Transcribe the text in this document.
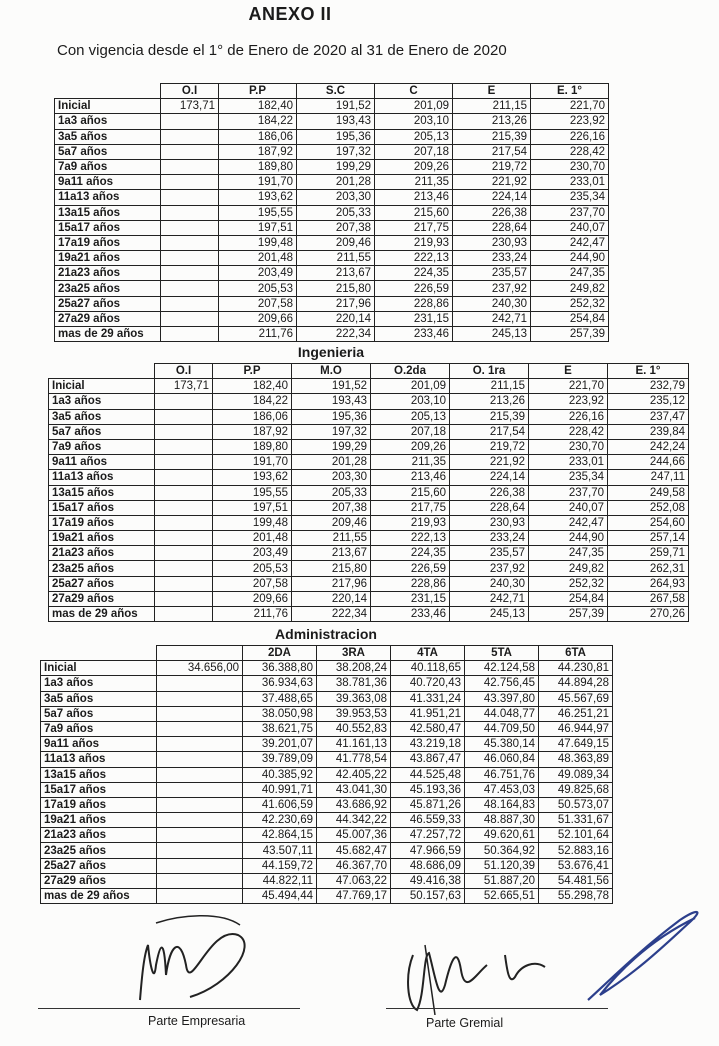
ANEXO II
Con vigencia desde el 1° de Enero de 2020 al 31 de Enero de 2020
	O.I	P.P	S.C	C	E	E. 1°
Inicial	173,71	182,40	191,52	201,09	211,15	221,70
1a3 años		184,22	193,43	203,10	213,26	223,92
3a5 años		186,06	195,36	205,13	215,39	226,16
5a7 años		187,92	197,32	207,18	217,54	228,42
7a9 años		189,80	199,29	209,26	219,72	230,70
9a11 años		191,70	201,28	211,35	221,92	233,01
11a13 años		193,62	203,30	213,46	224,14	235,34
13a15 años		195,55	205,33	215,60	226,38	237,70
15a17 años		197,51	207,38	217,75	228,64	240,07
17a19 años		199,48	209,46	219,93	230,93	242,47
19a21 años		201,48	211,55	222,13	233,24	244,90
21a23 años		203,49	213,67	224,35	235,57	247,35
23a25 años		205,53	215,80	226,59	237,92	249,82
25a27 años		207,58	217,96	228,86	240,30	252,32
27a29 años		209,66	220,14	231,15	242,71	254,84
mas de 29 años		211,76	222,34	233,46	245,13	257,39
Ingenieria
	O.I	P.P	M.O	O.2da	O. 1ra	E	E. 1°
Inicial	173,71	182,40	191,52	201,09	211,15	221,70	232,79
1a3 años		184,22	193,43	203,10	213,26	223,92	235,12
3a5 años		186,06	195,36	205,13	215,39	226,16	237,47
5a7 años		187,92	197,32	207,18	217,54	228,42	239,84
7a9 años		189,80	199,29	209,26	219,72	230,70	242,24
9a11 años		191,70	201,28	211,35	221,92	233,01	244,66
11a13 años		193,62	203,30	213,46	224,14	235,34	247,11
13a15 años		195,55	205,33	215,60	226,38	237,70	249,58
15a17 años		197,51	207,38	217,75	228,64	240,07	252,08
17a19 años		199,48	209,46	219,93	230,93	242,47	254,60
19a21 años		201,48	211,55	222,13	233,24	244,90	257,14
21a23 años		203,49	213,67	224,35	235,57	247,35	259,71
23a25 años		205,53	215,80	226,59	237,92	249,82	262,31
25a27 años		207,58	217,96	228,86	240,30	252,32	264,93
27a29 años		209,66	220,14	231,15	242,71	254,84	267,58
mas de 29 años		211,76	222,34	233,46	245,13	257,39	270,26
Administracion
		2DA	3RA	4TA	5TA	6TA
Inicial	34.656,00	36.388,80	38.208,24	40.118,65	42.124,58	44.230,81
1a3 años		36.934,63	38.781,36	40.720,43	42.756,45	44.894,28
3a5 años		37.488,65	39.363,08	41.331,24	43.397,80	45.567,69
5a7 años		38.050,98	39.953,53	41.951,21	44.048,77	46.251,21
7a9 años		38.621,75	40.552,83	42.580,47	44.709,50	46.944,97
9a11 años		39.201,07	41.161,13	43.219,18	45.380,14	47.649,15
11a13 años		39.789,09	41.778,54	43.867,47	46.060,84	48.363,89
13a15 años		40.385,92	42.405,22	44.525,48	46.751,76	49.089,34
15a17 años		40.991,71	43.041,30	45.193,36	47.453,03	49.825,68
17a19 años		41.606,59	43.686,92	45.871,26	48.164,83	50.573,07
19a21 años		42.230,69	44.342,22	46.559,33	48.887,30	51.331,67
21a23 años		42.864,15	45.007,36	47.257,72	49.620,61	52.101,64
23a25 años		43.507,11	45.682,47	47.966,59	50.364,92	52.883,16
25a27 años		44.159,72	46.367,70	48.686,09	51.120,39	53.676,41
27a29 años		44.822,11	47.063,22	49.416,38	51.887,20	54.481,56
mas de 29 años		45.494,44	47.769,17	50.157,63	52.665,51	55.298,78
Parte Empresaria	Parte Gremial
